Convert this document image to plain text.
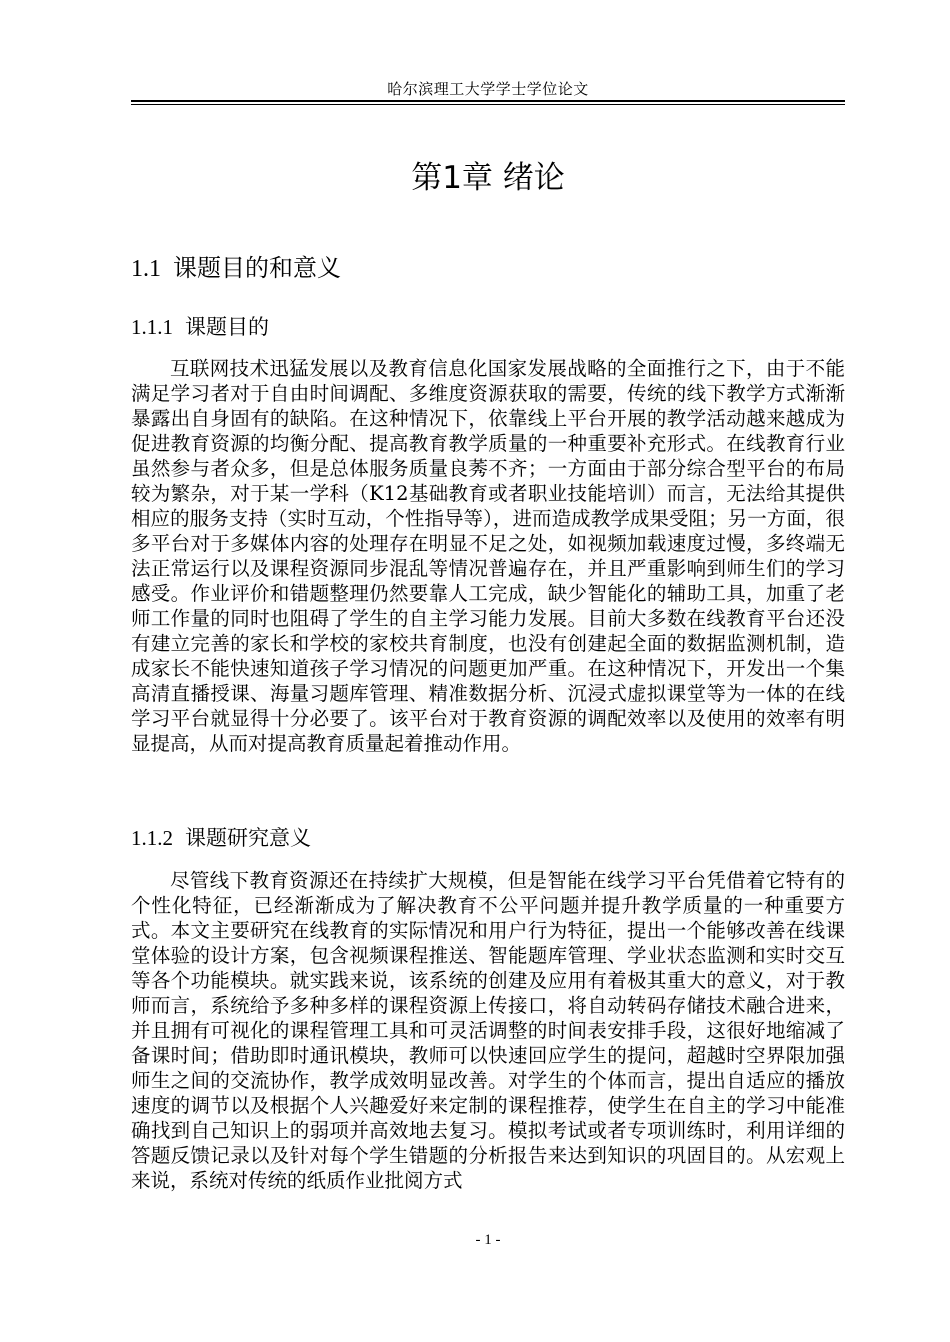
哈尔滨理工大学学士学位论文
第1章 绪论
1.1 课题目的和意义
1.1.1 课题目的

互联网技术迅猛发展以及教育信息化国家发展战略的全面推行之下，由于不能满足学习者对于自由时间调配、多维度资源获取的需要，传统的线下教学方式渐渐暴露出自身固有的缺陷。在这种情况下，依靠线上平台开展的教学活动越来越成为促进教育资源的均衡分配、提高教育教学质量的一种重要补充形式。在线教育行业虽然参与者众多，但是总体服务质量良莠不齐；一方面由于部分综合型平台的布局较为繁杂，对于某一学科（K12基础教育或者职业技能培训）而言，无法给其提供相应的服务支持（实时互动，个性指导等），进而造成教学成果受阻；另一方面，很多平台对于多媒体内容的处理存在明显不足之处，如视频加载速度过慢，多终端无法正常运行以及课程资源同步混乱等情况普遍存在，并且严重影响到师生们的学习感受。作业评价和错题整理仍然要靠人工完成，缺少智能化的辅助工具，加重了老师工作量的同时也阻碍了学生的自主学习能力发展。目前大多数在线教育平台还没有建立完善的家长和学校的家校共育制度，也没有创建起全面的数据监测机制，造成家长不能快速知道孩子学习情况的问题更加严重。在这种情况下，开发出一个集高清直播授课、海量习题库管理、精准数据分析、沉浸式虚拟课堂等为一体的在线学习平台就显得十分必要了。该平台对于教育资源的调配效率以及使用的效率有明显提高，从而对提高教育质量起着推动作用。

1.1.2 课题研究意义

尽管线下教育资源还在持续扩大规模，但是智能在线学习平台凭借着它特有的个性化特征，已经渐渐成为了解决教育不公平问题并提升教学质量的一种重要方式。本文主要研究在线教育的实际情况和用户行为特征，提出一个能够改善在线课堂体验的设计方案，包含视频课程推送、智能题库管理、学业状态监测和实时交互等各个功能模块。就实践来说，该系统的创建及应用有着极其重大的意义，对于教师而言，系统给予多种多样的课程资源上传接口，将自动转码存储技术融合进来，并且拥有可视化的课程管理工具和可灵活调整的时间表安排手段，这很好地缩减了备课时间；借助即时通讯模块，教师可以快速回应学生的提问，超越时空界限加强师生之间的交流协作，教学成效明显改善。对学生的个体而言，提出自适应的播放速度的调节以及根据个人兴趣爱好来定制的课程推荐，使学生在自主的学习中能准确找到自己知识上的弱项并高效地去复习。模拟考试或者专项训练时，利用详细的答题反馈记录以及针对每个学生错题的分析报告来达到知识的巩固目的。从宏观上来说，系统对传统的纸质作业批阅方式

- 1 -
